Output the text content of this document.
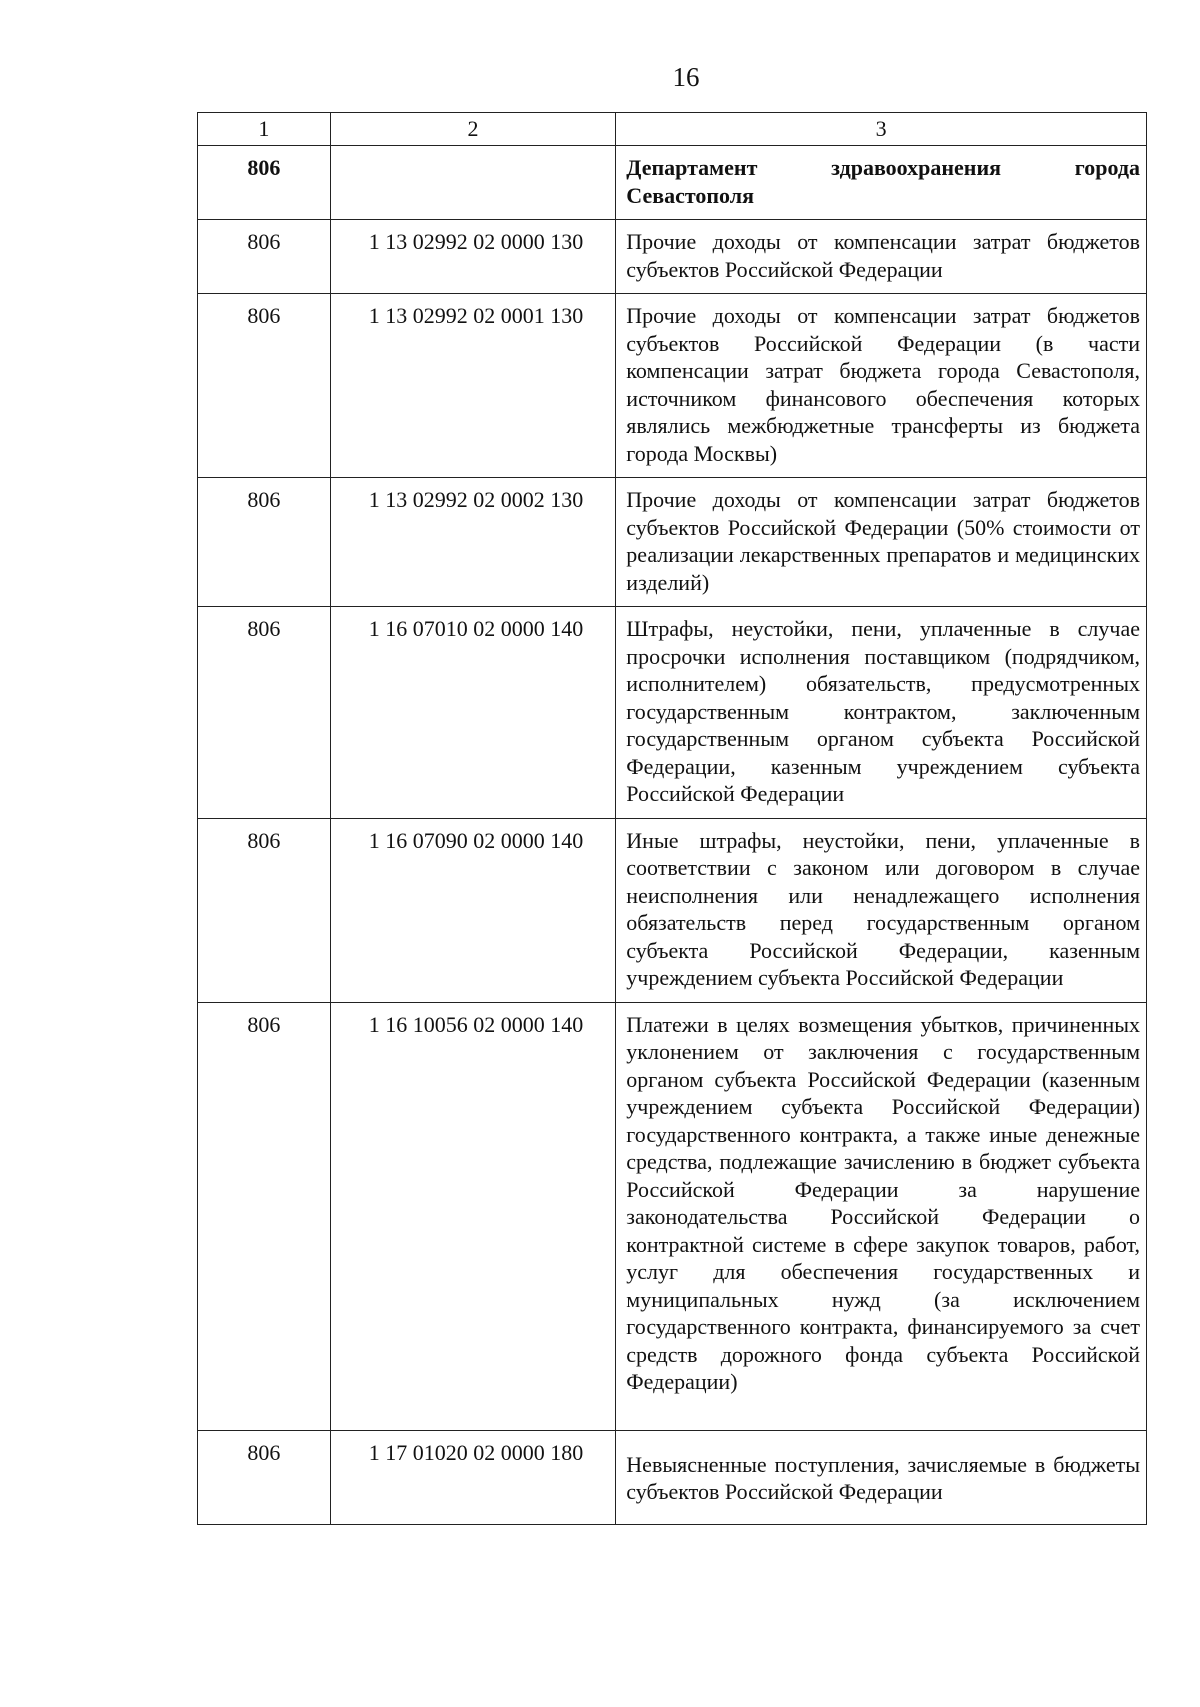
16
1	2	3
806		Департамент здравоохранения города
Севастополя

806	1 13 02992 02 0000 130	Прочие доходы от компенсации затрат бюджетов субъектов Российской Федерации
806	1 13 02992 02 0001 130	Прочие доходы от компенсации затрат бюджетов субъектов Российской Федерации (в части компенсации затрат бюджета города Севастополя, источником финансового обеспечения которых являлись межбюджетные трансферты из бюджета города Москвы)
806	1 13 02992 02 0002 130	Прочие доходы от компенсации затрат бюджетов субъектов Российской Федерации (50% стоимости от реализации лекарственных препаратов и медицинских изделий)
806	1 16 07010 02 0000 140	Штрафы, неустойки, пени, уплаченные в случае просрочки исполнения поставщиком (подрядчиком, исполнителем) обязательств, предусмотренных государственным контрактом, заключенным государственным органом субъекта Российской Федерации, казенным учреждением субъекта Российской Федерации
806	1 16 07090 02 0000 140	Иные штрафы, неустойки, пени, уплаченные в соответствии с законом или договором в случае неисполнения или ненадлежащего исполнения обязательств перед государственным органом субъекта Российской Федерации, казенным учреждением субъекта Российской Федерации
806	1 16 10056 02 0000 140	Платежи в целях возмещения убытков, причиненных уклонением от заключения с государственным органом субъекта Российской Федерации (казенным учреждением субъекта Российской Федерации) государственного контракта, а также иные денежные средства, подлежащие зачислению в бюджет субъекта Российской Федерации за нарушение законодательства Российской Федерации о контрактной системе в сфере закупок товаров, работ, услуг для обеспечения государственных и муниципальных нужд (за исключением государственного контракта, финансируемого за счет средств дорожного фонда субъекта Российской Федерации)
806	1 17 01020 02 0000 180	Невыясненные поступления, зачисляемые в бюджеты субъектов Российской Федерации
